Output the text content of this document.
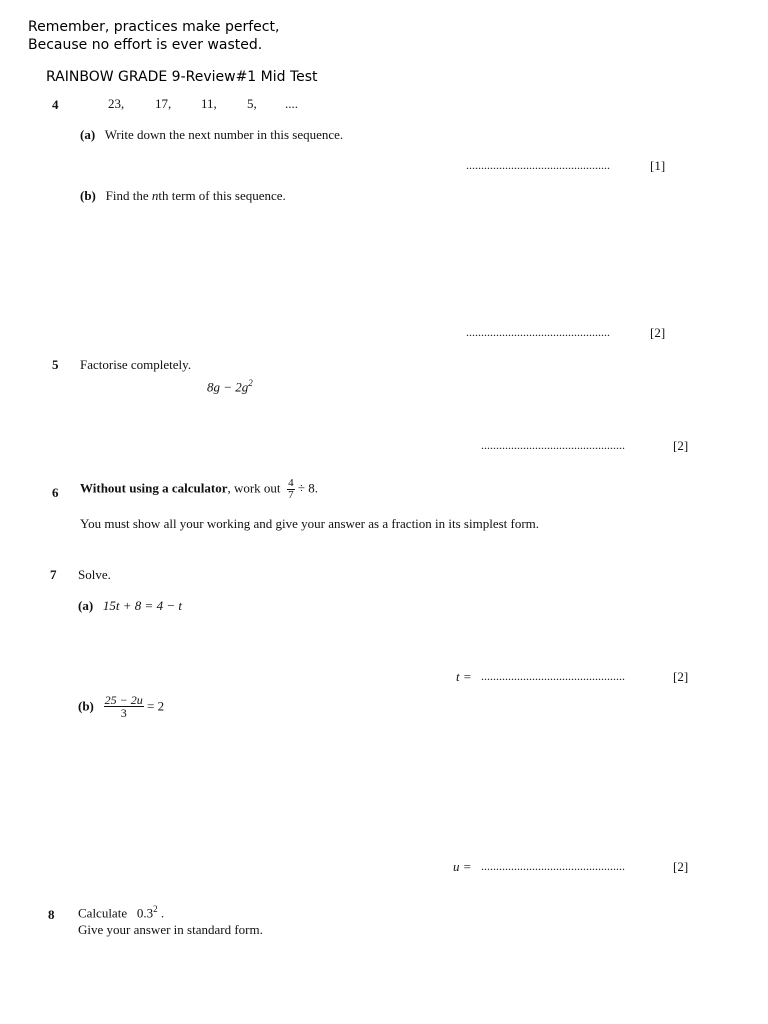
Remember, practices make perfect,
Because no effort is ever wasted.
RAINBOW GRADE 9-Review#1 Mid Test
4	23, 17, 11, 5, ....
(a) Write down the next number in this sequence.
................................................	[1]
(b) Find the nth term of this sequence.
................................................	[2]
5 Factorise completely.
$8g - 2g^2$
................................................	[2]
6 Without using a calculator, work out $\frac{4}{7} \div 8$.
You must show all your working and give your answer as a fraction in its simplest form.
7 Solve.
(a) 15t + 8 = 4 − t
t = ................................................	[2]
$(b) \frac{25 - 2u}{3} = 2$
u = ................................................	[2]
8 Calculate $0.3^2$ .
Give your answer in standard form.
